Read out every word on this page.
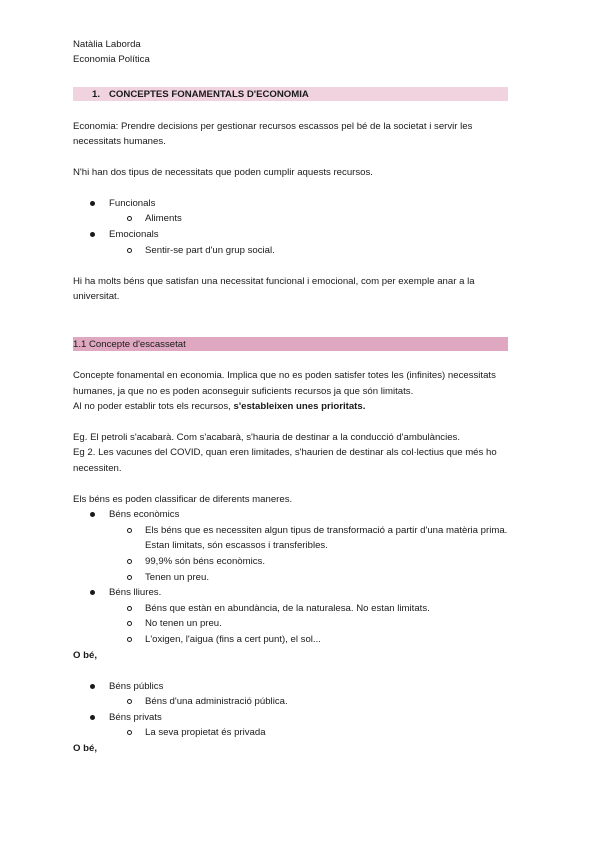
Natàlia Laborda
Economia Política
1. CONCEPTES FONAMENTALS D'ECONOMIA
Economia: Prendre decisions per gestionar recursos escassos pel bé de la societat i servir les
necessitats humanes.
N'hi han dos tipus de necessitats que poden cumplir aquests recursos.
Funcionals
Aliments
Emocionals
Sentir-se part d'un grup social.
Hi ha molts béns que satisfan una necessitat funcional i emocional, com per exemple anar a la
universitat.
1.1 Concepte d'escassetat
Concepte fonamental en economia. Implica que no es poden satisfer totes les (infinites) necessitats
humanes, ja que no es poden aconseguir suficients recursos ja que són limitats.
Al no poder establir tots els recursos, s'estableixen unes prioritats.
Eg. El petroli s'acabarà. Com s'acabarà, s'hauria de destinar a la conducció d'ambulàncies.
Eg 2. Les vacunes del COVID, quan eren limitades, s'haurien de destinar als col·lectius que més ho
necessiten.
Els béns es poden classificar de diferents maneres.
Béns econòmics
Els béns que es necessiten algun tipus de transformació a partir d'una matèria prima.
Estan limitats, són escassos i transferibles.
99,9% són béns econòmics.
Tenen un preu.
Béns lliures.
Béns que estàn en abundància, de la naturalesa. No estan limitats.
No tenen un preu.
L'oxigen, l'aigua (fins a cert punt), el sol...
O bé,
Béns públics
Béns d'una administració pública.
Béns privats
La seva propietat és privada
O bé,
